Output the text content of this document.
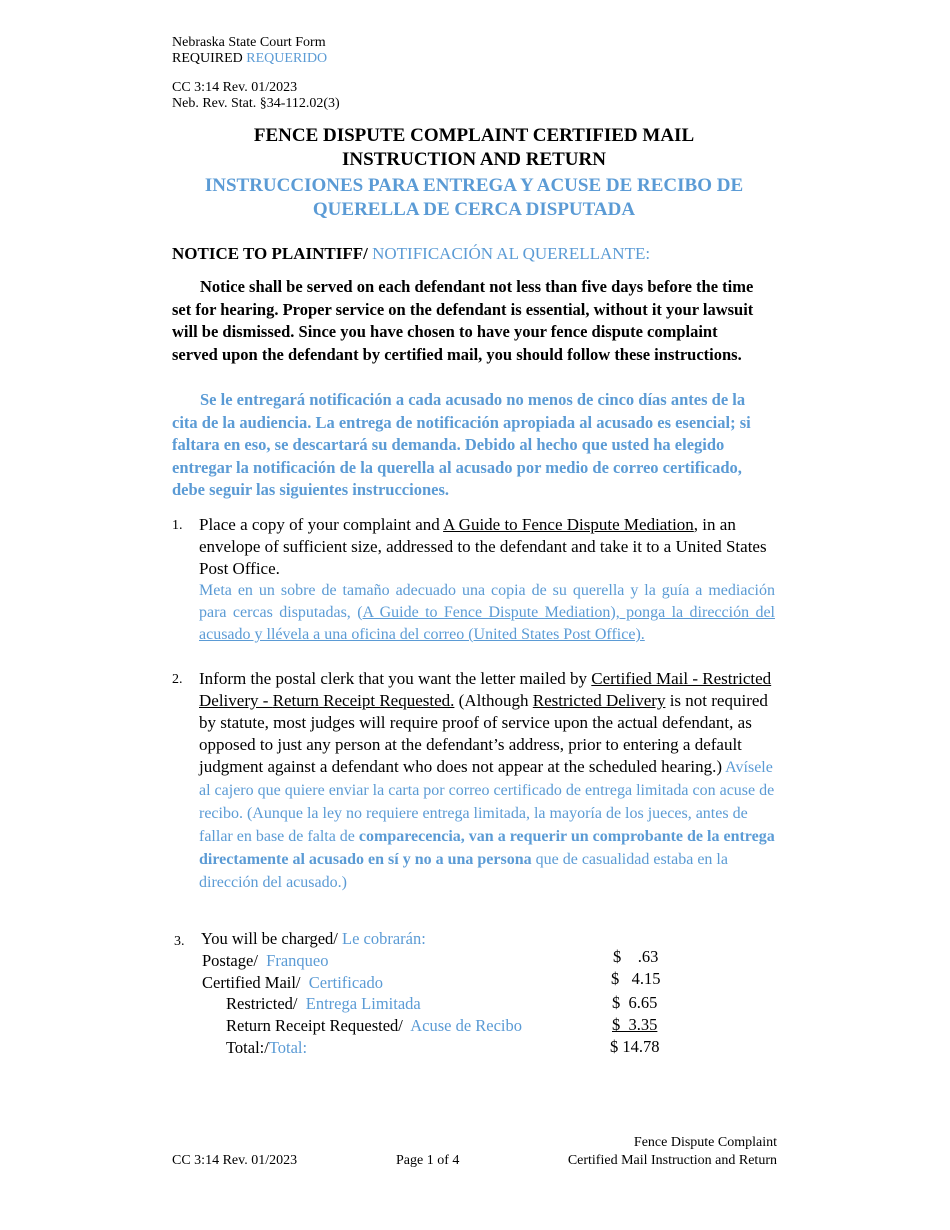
Nebraska State Court Form
REQUIRED REQUERIDO
CC 3:14 Rev. 01/2023
Neb. Rev. Stat. §34-112.02(3)
FENCE DISPUTE COMPLAINT CERTIFIED MAIL
INSTRUCTION AND RETURN
INSTRUCCIONES PARA ENTREGA Y ACUSE DE RECIBO DE
QUERELLA DE CERCA DISPUTADA
NOTICE TO PLAINTIFF/ NOTIFICACIÓN AL QUERELLANTE:
Notice shall be served on each defendant not less than five days before the time set for hearing. Proper service on the defendant is essential, without it your lawsuit will be dismissed. Since you have chosen to have your fence dispute complaint served upon the defendant by certified mail, you should follow these instructions.
Se le entregará notificación a cada acusado no menos de cinco días antes de la cita de la audiencia. La entrega de notificación apropiada al acusado es esencial; si faltara en eso, se descartará su demanda. Debido al hecho que usted ha elegido entregar la notificación de la querella al acusado por medio de correo certificado, debe seguir las siguientes instrucciones.
1. Place a copy of your complaint and A Guide to Fence Dispute Mediation, in an envelope of sufficient size, addressed to the defendant and take it to a United States Post Office.
Meta en un sobre de tamaño adecuado una copia de su querella y la guía a mediación para cercas disputadas, (A Guide to Fence Dispute Mediation), ponga la dirección del acusado y llévela a una oficina del correo (United States Post Office).
2. Inform the postal clerk that you want the letter mailed by Certified Mail - Restricted Delivery - Return Receipt Requested. (Although Restricted Delivery is not required by statute, most judges will require proof of service upon the actual defendant, as opposed to just any person at the defendant’s address, prior to entering a default judgment against a defendant who does not appear at the scheduled hearing.) Avísele al cajero que quiere enviar la carta por correo certificado de entrega limitada con acuse de recibo. (Aunque la ley no requiere entrega limitada, la mayoría de los jueces, antes de fallar en base de falta de comparecencia, van a requerir un comprobante de la entrega directamente al acusado en sí y no a una persona que de casualidad estaba en la dirección del acusado.)
3. You will be charged/ Le cobrarán:
Postage/  Franqueo	$    .63
Certified Mail/  Certificado	$   4.15
Restricted/  Entrega Limitada	$  6.65
Return Receipt Requested/  Acuse de Recibo	$  3.35
Total:/Total:	$ 14.78
CC 3:14 Rev. 01/2023	Page 1 of 4
Fence Dispute Complaint
Certified Mail Instruction and Return
